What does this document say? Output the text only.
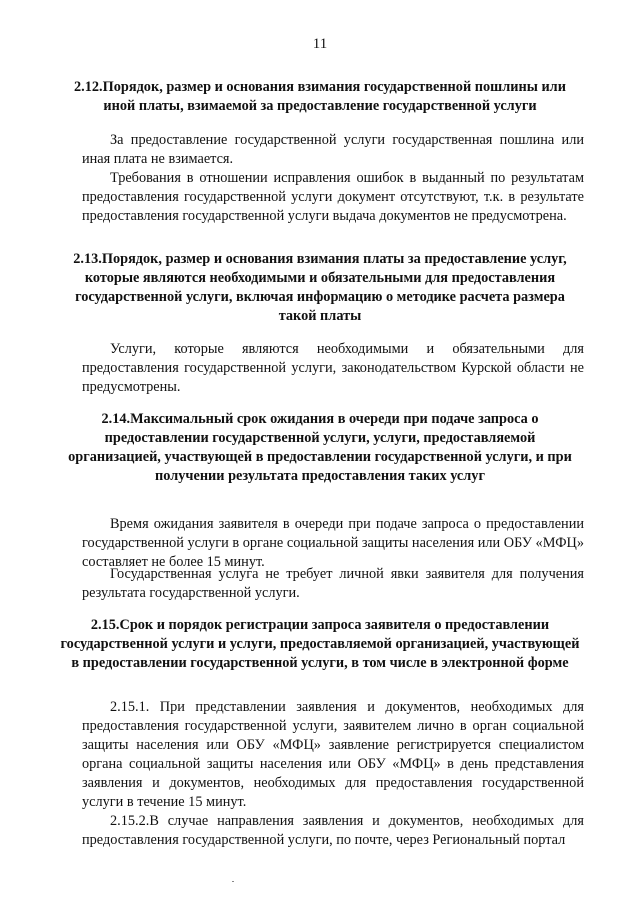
11
2.12.Порядок, размер и основания взимания государственной пошлины или иной платы, взимаемой за предоставление государственной услуги
За предоставление государственной услуги государственная пошлина или иная плата не взимается.
Требования в отношении исправления ошибок в выданный по результатам предоставления государственной услуги документ отсутствуют, т.к. в результате предоставления государственной услуги выдача документов не предусмотрена.
2.13.Порядок, размер и основания взимания платы за предоставление услуг, которые являются необходимыми и обязательными для предоставления государственной услуги, включая информацию о методике расчета размера такой платы
Услуги, которые являются необходимыми и обязательными для предоставления государственной услуги, законодательством Курской области не предусмотрены.
2.14.Максимальный срок ожидания в очереди при подаче запроса о предоставлении государственной услуги, услуги, предоставляемой организацией, участвующей в предоставлении государственной услуги, и при получении результата предоставления таких услуг
Время ожидания заявителя в очереди при подаче запроса о предоставлении государственной услуги в органе социальной защиты населения или ОБУ «МФЦ» составляет не более 15 минут.
Государственная услуга не требует личной явки заявителя для получения результата государственной услуги.
2.15.Срок и порядок регистрации запроса заявителя о предоставлении государственной услуги и услуги, предоставляемой организацией, участвующей в предоставлении государственной услуги, в том числе в электронной форме
2.15.1. При представлении заявления и документов, необходимых для предоставления государственной услуги, заявителем лично в орган социальной защиты населения или ОБУ «МФЦ» заявление регистрируется специалистом органа социальной защиты населения или ОБУ «МФЦ» в день представления заявления и документов, необходимых для предоставления государственной услуги в течение 15 минут.
2.15.2.В случае направления заявления и документов, необходимых для предоставления государственной услуги, по почте, через Региональный портал
